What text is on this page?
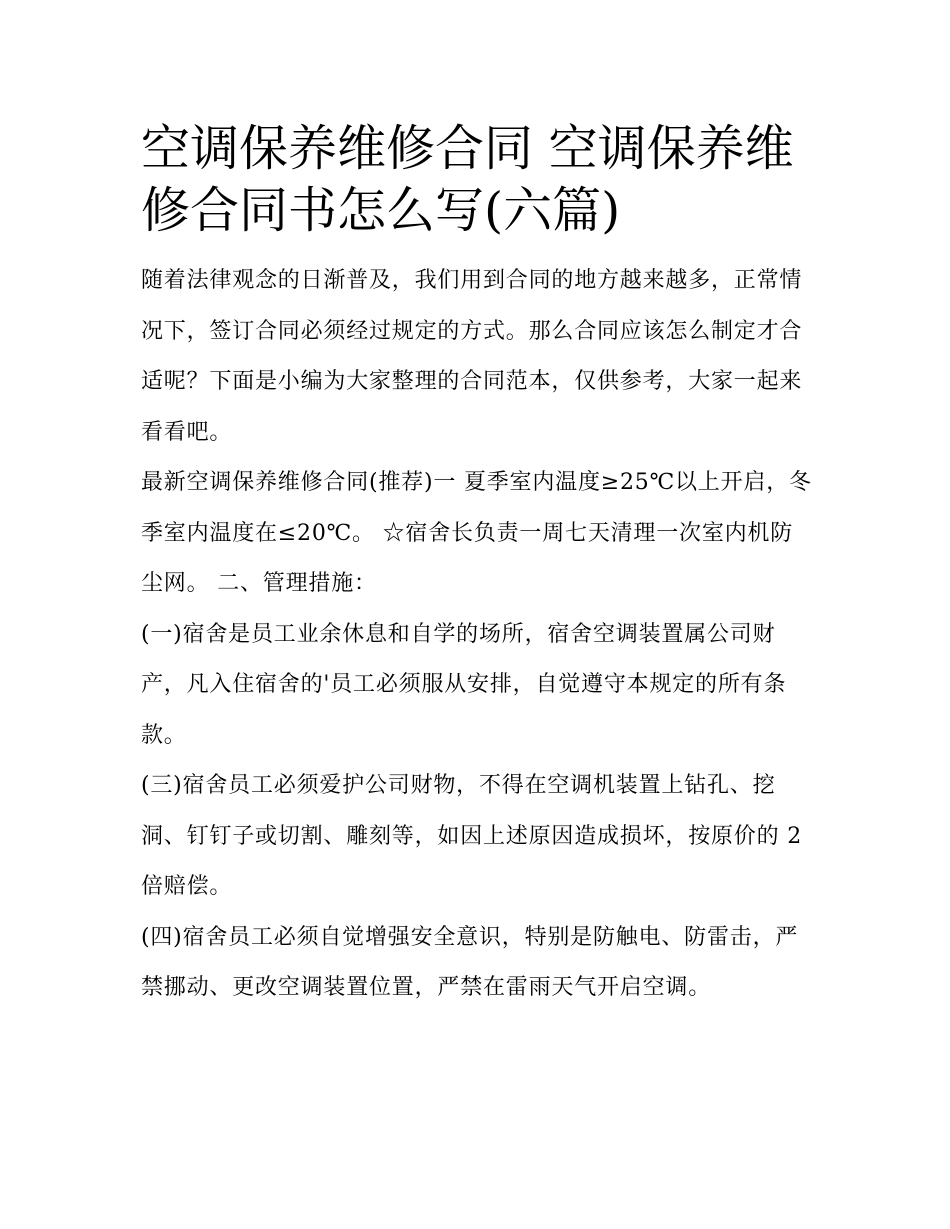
空调保养维修合同 空调保养维修合同书怎么写(六篇)

随着法律观念的日渐普及，我们用到合同的地方越来越多，正常情况下，签订合同必须经过规定的方式。那么合同应该怎么制定才合适呢？下面是小编为大家整理的合同范本，仅供参考，大家一起来看看吧。

最新空调保养维修合同(推荐)一 夏季室内温度≥25℃以上开启，冬季室内温度在≤20℃。 ☆宿舍长负责一周七天清理一次室内机防尘网。 二、管理措施：

(一)宿舍是员工业余休息和自学的场所，宿舍空调装置属公司财产，凡入住宿舍的'员工必须服从安排，自觉遵守本规定的所有条款。

(三)宿舍员工必须爱护公司财物，不得在空调机装置上钻孔、挖洞、钉钉子或切割、雕刻等，如因上述原因造成损坏，按原价的 2 倍赔偿。

(四)宿舍员工必须自觉增强安全意识，特别是防触电、防雷击，严禁挪动、更改空调装置位置，严禁在雷雨天气开启空调。
